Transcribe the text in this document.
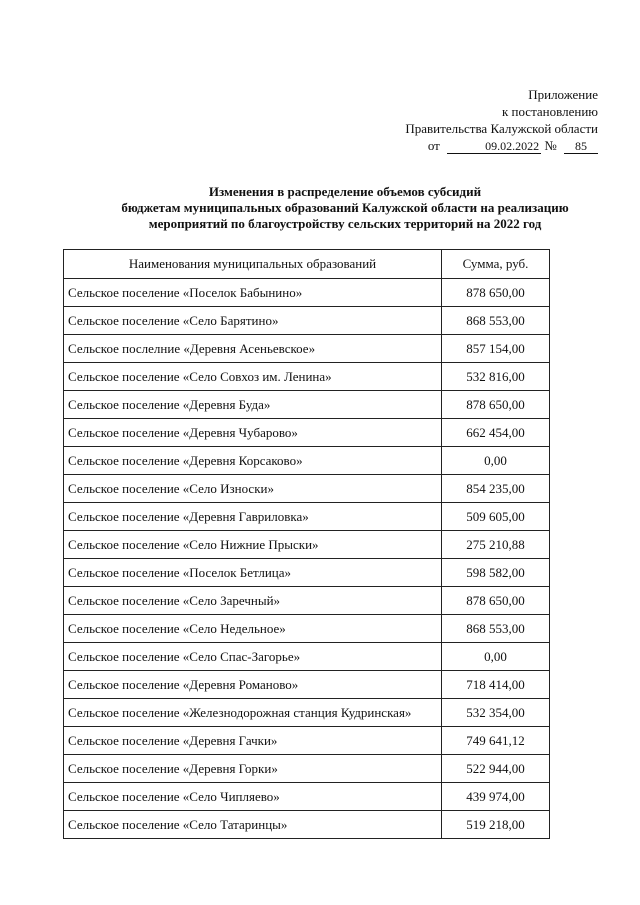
Приложение
к постановлению
Правительства Калужской области
от	09.02.2022 № 85
Изменения в распределение объемов субсидий
бюджетам муниципальных образований Калужской области на реализацию
мероприятий по благоустройству сельских территорий на 2022 год
Наименования муниципальных образований	Сумма, руб.
Сельское поселение «Поселок Бабынино»	878 650,00
Сельское поселение «Село Барятино»	868 553,00
Сельское послелние «Деревня Асеньевское»	857 154,00
Сельское поселение «Село Совхоз им. Ленина»	532 816,00
Сельское поселение «Деревня Буда»	878 650,00
Сельское поселение «Деревня Чубарово»	662 454,00
Сельское поселение «Деревня Корсаково»	0,00
Сельское поселение «Село Износки»	854 235,00
Сельское поселение «Деревня Гавриловка»	509 605,00
Сельское поселение «Село Нижние Прыски»	275 210,88
Сельское поселение «Поселок Бетлица»	598 582,00
Сельское поселение «Село Заречный»	878 650,00
Сельское поселение «Село Недельное»	868 553,00
Сельское поселение «Село Спас-Загорье»	0,00
Сельское поселение «Деревня Романово»	718 414,00
Сельское поселение «Железнодорожная станция Кудринская»	532 354,00
Сельское поселение «Деревня Гачки»	749 641,12
Сельское поселение «Деревня Горки»	522 944,00
Сельское поселение «Село Чипляево»	439 974,00
Сельское поселение «Село Татаринцы»	519 218,00
